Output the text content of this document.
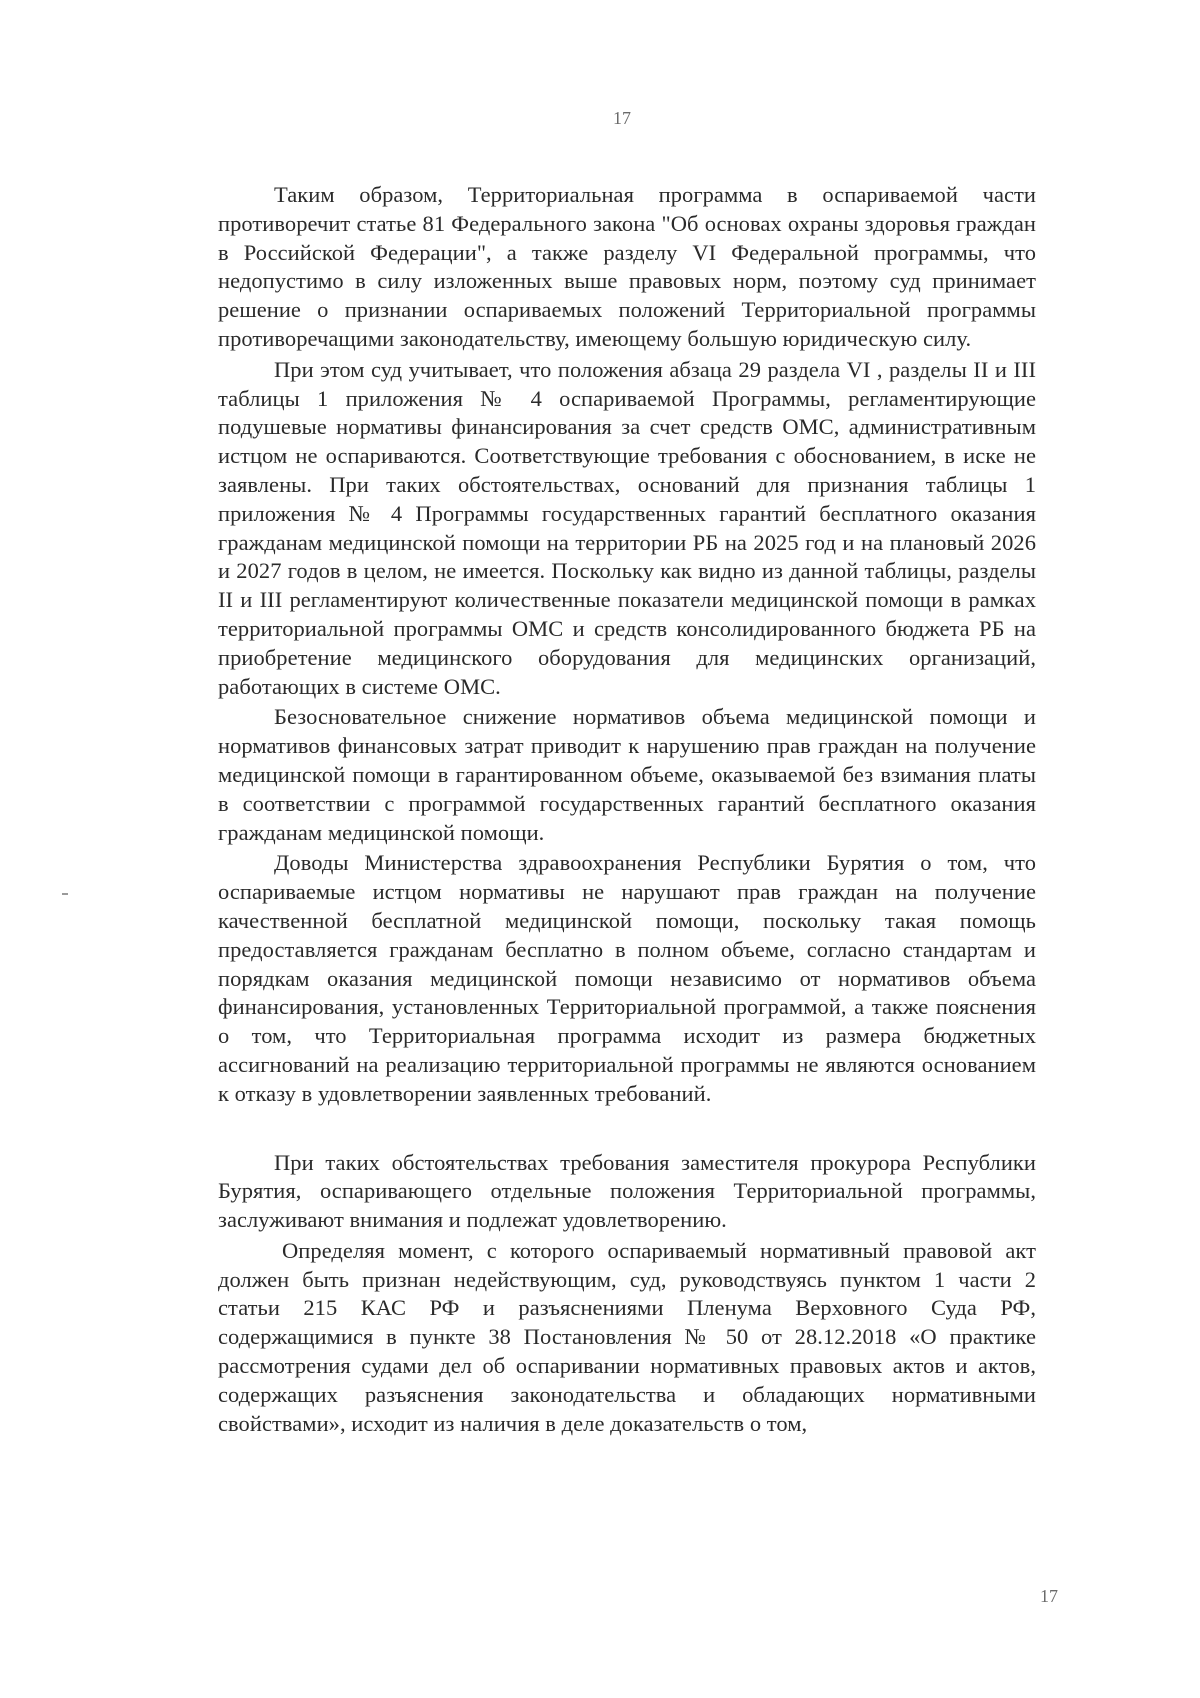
17

Таким образом, Территориальная программа в оспариваемой части противоречит статье 81 Федерального закона "Об основах охраны здоровья граждан в Российской Федерации", а также разделу VI Федеральной программы, что недопустимо в силу изложенных выше правовых норм, поэтому суд принимает решение о признании оспариваемых положений Территориальной программы противоречащими законодательству, имеющему большую юридическую силу.

При этом суд учитывает, что положения абзаца 29 раздела VI , разделы II и III таблицы 1 приложения № 4 оспариваемой Программы, регламентирующие подушевые нормативы финансирования за счет средств ОМС, административным истцом не оспариваются. Соответствующие требования с обоснованием, в иске не заявлены. При таких обстоятельствах, оснований для признания таблицы 1 приложения № 4 Программы государственных гарантий бесплатного оказания гражданам медицинской помощи на территории РБ на 2025 год и на плановый 2026 и 2027 годов в целом, не имеется. Поскольку как видно из данной таблицы, разделы II и III регламентируют количественные показатели медицинской помощи в рамках территориальной программы ОМС и средств консолидированного бюджета РБ на приобретение медицинского оборудования для медицинских организаций, работающих в системе ОМС.

Безосновательное снижение нормативов объема медицинской помощи и нормативов финансовых затрат приводит к нарушению прав граждан на получение медицинской помощи в гарантированном объеме, оказываемой без взимания платы в соответствии с программой государственных гарантий бесплатного оказания гражданам медицинской помощи.

Доводы Министерства здравоохранения Республики Бурятия о том, что оспариваемые истцом нормативы не нарушают прав граждан на получение качественной бесплатной медицинской помощи, поскольку такая помощь предоставляется гражданам бесплатно в полном объеме, согласно стандартам и порядкам оказания медицинской помощи независимо от нормативов объема финансирования, установленных Территориальной программой, а также пояснения о том, что Территориальная программа исходит из размера бюджетных ассигнований на реализацию территориальной программы не являются основанием к отказу в удовлетворении заявленных требований.

При таких обстоятельствах требования заместителя прокурора Республики Бурятия, оспаривающего отдельные положения Территориальной программы, заслуживают внимания и подлежат удовлетворению.

Определяя момент, с которого оспариваемый нормативный правовой акт должен быть признан недействующим, суд, руководствуясь пунктом 1 части 2 статьи 215 КАС РФ и разъяснениями Пленума Верховного Суда РФ, содержащимися в пункте 38 Постановления № 50 от 28.12.2018 «О практике рассмотрения судами дел об оспаривании нормативных правовых актов и актов, содержащих разъяснения законодательства и обладающих нормативными свойствами», исходит из наличия в деле доказательств о том,

17
